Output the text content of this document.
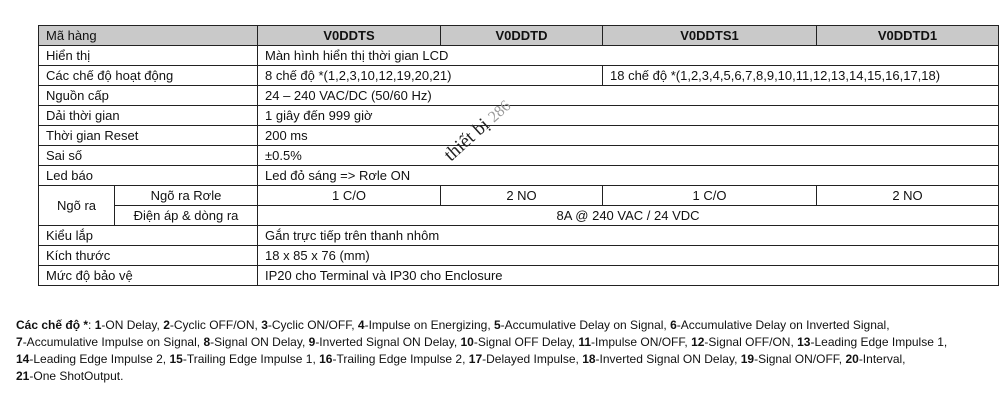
Mã hàng		V0DDTS	V0DDTD	V0DDTS1	V0DDTD1
Hiển thị		Màn hình hiển thị thời gian LCD			
Các chế độ hoạt động		8 chế độ *(1,2,3,10,12,19,20,21)		18 chế độ *(1,2,3,4,5,6,7,8,9,10,11,12,13,14,15,16,17,18)	
Nguồn cấp		24 – 240 VAC/DC (50/60 Hz)			
Dải thời gian		1 giây đến 999 giờ			
Thời gian Reset		200 ms			
Sai số		±0.5%			
Led báo		Led đỏ sáng => Rơle ON			
Ngõ ra	Ngõ ra Rơle	1 C/O	2 NO	1 C/O	2 NO
	Điện áp & dòng ra	8A @ 240 VAC / 24 VDC			
Kiểu lắp		Gắn trực tiếp trên thanh nhôm			
Kích thước		18 x 85 x 76 (mm)			
Mức độ bảo vệ		IP20 cho Terminal và IP30 cho Enclosure			
thiết bị 286
Các chế độ *: 1-ON Delay, 2-Cyclic OFF/ON, 3-Cyclic ON/OFF, 4-Impulse on Energizing, 5-Accumulative Delay on Signal, 6-Accumulative Delay on Inverted Signal,
7-Accumulative Impulse on Signal, 8-Signal ON Delay, 9-Inverted Signal ON Delay, 10-Signal OFF Delay, 11-Impulse ON/OFF, 12-Signal OFF/ON, 13-Leading Edge Impulse 1,
14-Leading Edge Impulse 2, 15-Trailing Edge Impulse 1, 16-Trailing Edge Impulse 2, 17-Delayed Impulse, 18-Inverted Signal ON Delay, 19-Signal ON/OFF, 20-Interval,
21-One ShotOutput.
